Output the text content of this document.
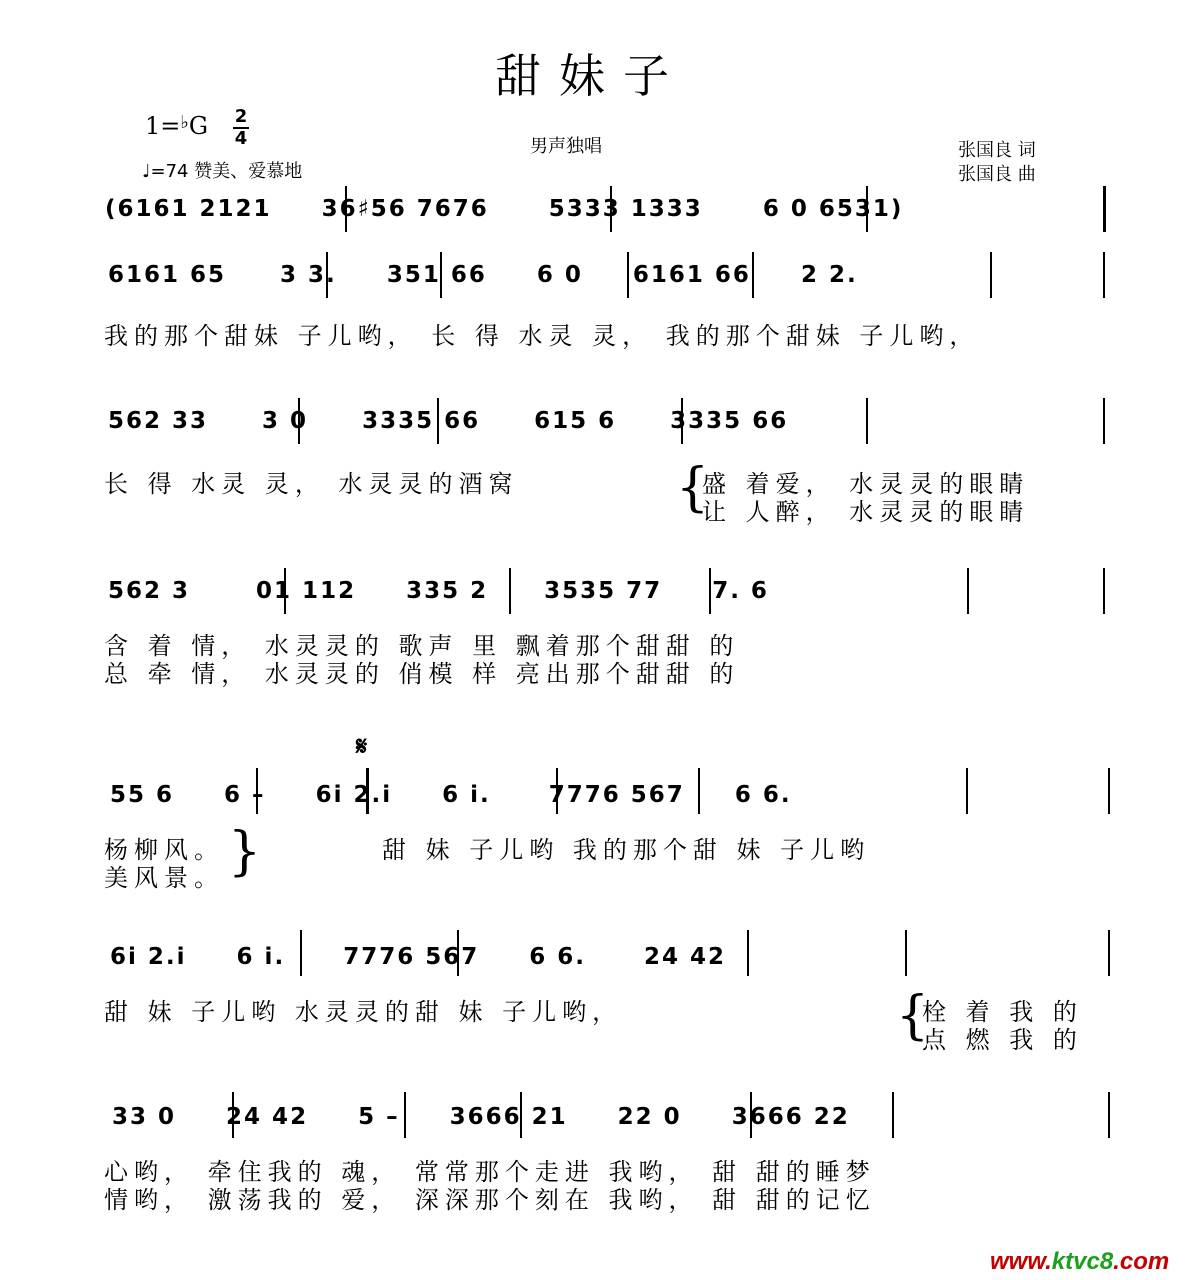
甜妹子
1=♭G 2
4
♩=74 赞美、爱慕地
男声独唱	张国良 词
张国良 曲
(6161 2121 36♯56 7676	5333 1333	6 0 6531)
6161 65 3 3. 351 66 6 0 6161 66 2 2.
我的那个甜妹 子儿哟， 长 得 水灵 灵， 我的那个甜妹 子儿哟，
562 33 3 0 3335 66 615 6 3335 66
长 得 水灵 灵， 水灵灵的酒窝	{
盛 着爱， 水灵灵的眼睛
让 人醉， 水灵灵的眼睛
562 3	01 112 335 2 3535 77 7. 6
含 着 情， 水灵灵的 歌声 里 飘着那个甜甜 的
总 牵 情， 水灵灵的 俏模 样 亮出那个甜甜 的
𝄋
55 6 6 – 6i 2.i 6 i.	7776 567 6 6.
杨柳风。
美风景。 }	甜 妹 子儿哟 我的那个甜 妹 子儿哟
6i 2.i 6 i.	7776 567 6 6.	24 42
甜 妹 子儿哟 水灵灵的甜 妹 子儿哟，	{
栓 着 我 的
点 燃 我 的
33 0 24 42 5 – 3666 21 22 0 3666 22
心哟， 牵住我的 魂， 常常那个走进 我哟， 甜 甜的睡梦
情哟， 激荡我的 爱， 深深那个刻在 我哟， 甜 甜的记忆
www.ktvc8.com
